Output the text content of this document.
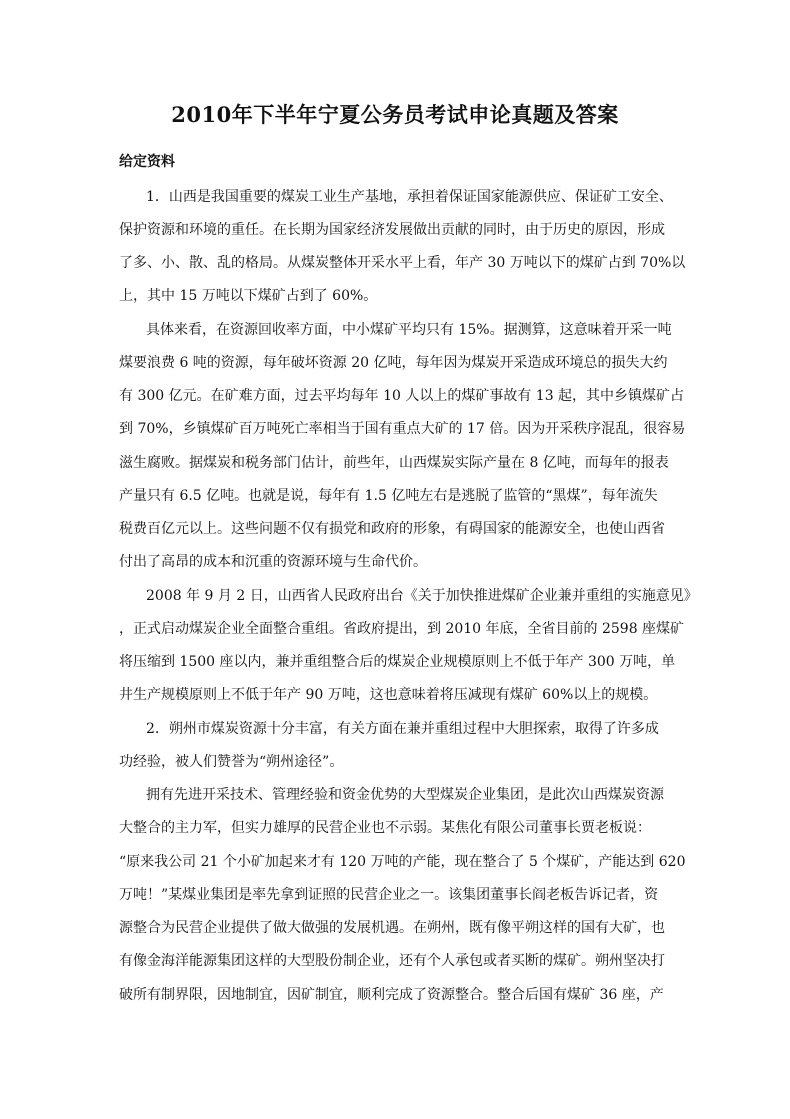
2010年下半年宁夏公务员考试申论真题及答案
给定资料

1．山西是我国重要的煤炭工业生产基地，承担着保证国家能源供应、保证矿工安全、

保护资源和环境的重任。在长期为国家经济发展做出贡献的同时，由于历史的原因，形成

了多、小、散、乱的格局。从煤炭整体开采水平上看，年产 30 万吨以下的煤矿占到 70%以

上，其中 15 万吨以下煤矿占到了 60%。

具体来看，在资源回收率方面，中小煤矿平均只有 15%。据测算，这意味着开采一吨

煤要浪费 6 吨的资源，每年破坏资源 20 亿吨，每年因为煤炭开采造成环境总的损失大约

有 300 亿元。在矿难方面，过去平均每年 10 人以上的煤矿事故有 13 起，其中乡镇煤矿占

到 70%，乡镇煤矿百万吨死亡率相当于国有重点大矿的 17 倍。因为开采秩序混乱，很容易

滋生腐败。据煤炭和税务部门估计，前些年，山西煤炭实际产量在 8 亿吨，而每年的报表

产量只有 6.5 亿吨。也就是说，每年有 1.5 亿吨左右是逃脱了监管的“黑煤”，每年流失

税费百亿元以上。这些问题不仅有损党和政府的形象，有碍国家的能源安全，也使山西省

付出了高昂的成本和沉重的资源环境与生命代价。

2008 年 9 月 2 日，山西省人民政府出台《关于加快推进煤矿企业兼并重组的实施意见》

，正式启动煤炭企业全面整合重组。省政府提出，到 2010 年底，全省目前的 2598 座煤矿

将压缩到 1500 座以内，兼并重组整合后的煤炭企业规模原则上不低于年产 300 万吨，单

井生产规模原则上不低于年产 90 万吨，这也意味着将压减现有煤矿 60%以上的规模。

2．朔州市煤炭资源十分丰富，有关方面在兼并重组过程中大胆探索，取得了许多成

功经验，被人们赞誉为“朔州途径”。

拥有先进开采技术、管理经验和资金优势的大型煤炭企业集团，是此次山西煤炭资源

大整合的主力军，但实力雄厚的民营企业也不示弱。某焦化有限公司董事长贾老板说：

“原来我公司 21 个小矿加起来才有 120 万吨的产能，现在整合了 5 个煤矿，产能达到 620

万吨！”某煤业集团是率先拿到证照的民营企业之一。该集团董事长阎老板告诉记者，资

源整合为民营企业提供了做大做强的发展机遇。在朔州，既有像平朔这样的国有大矿，也

有像金海洋能源集团这样的大型股份制企业，还有个人承包或者买断的煤矿。朔州坚决打

破所有制界限，因地制宜，因矿制宜，顺利完成了资源整合。整合后国有煤矿 36 座，产
